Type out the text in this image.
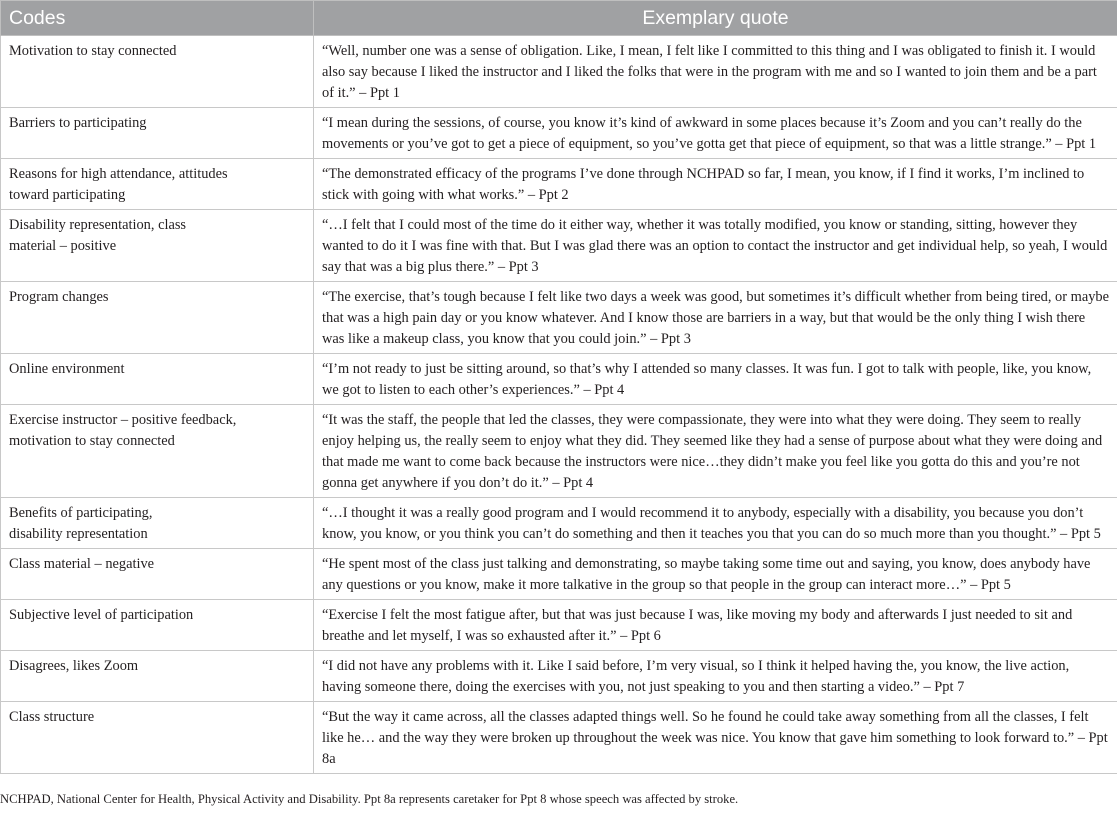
Codes	Exemplary quote
Motivation to stay connected	“Well, number one was a sense of obligation. Like, I mean, I felt like I committed to this thing and I was obligated to finish it. I would also say because I liked the instructor and I liked the folks that were in the program with me and so I wanted to join them and be a part of it.” – Ppt 1
Barriers to participating	“I mean during the sessions, of course, you know it’s kind of awkward in some places because it’s Zoom and you can’t really do the movements or you’ve got to get a piece of equipment, so you’ve gotta get that piece of equipment, so that was a little strange.” – Ppt 1
Reasons for high attendance, attitudes
toward participating	“The demonstrated efficacy of the programs I’ve done through NCHPAD so far, I mean, you know, if I find it works, I’m inclined to stick with going with what works.” – Ppt 2
Disability representation, class
material – positive	“…I felt that I could most of the time do it either way, whether it was totally modified, you know or standing, sitting, however they wanted to do it I was fine with that. But I was glad there was an option to contact the instructor and get individual help, so yeah, I would say that was a big plus there.” – Ppt 3
Program changes	“The exercise, that’s tough because I felt like two days a week was good, but sometimes it’s difficult whether from being tired, or maybe that was a high pain day or you know whatever. And I know those are barriers in a way, but that would be the only thing I wish there was like a makeup class, you know that you could join.” – Ppt 3
Online environment	“I’m not ready to just be sitting around, so that’s why I attended so many classes. It was fun. I got to talk with people, like, you know, we got to listen to each other’s experiences.” – Ppt 4
Exercise instructor – positive feedback,
motivation to stay connected	“It was the staff, the people that led the classes, they were compassionate, they were into what they were doing. They seem to really enjoy helping us, the really seem to enjoy what they did. They seemed like they had a sense of purpose about what they were doing and that made me want to come back because the instructors were nice…they didn’t make you feel like you gotta do this and you’re not gonna get anywhere if you don’t do it.” – Ppt 4
Benefits of participating,
disability representation	“…I thought it was a really good program and I would recommend it to anybody, especially with a disability, you because you don’t know, you know, or you think you can’t do something and then it teaches you that you can do so much more than you thought.” – Ppt 5
Class material – negative	“He spent most of the class just talking and demonstrating, so maybe taking some time out and saying, you know, does anybody have any questions or you know, make it more talkative in the group so that people in the group can interact more…” – Ppt 5
Subjective level of participation	“Exercise I felt the most fatigue after, but that was just because I was, like moving my body and afterwards I just needed to sit and breathe and let myself, I was so exhausted after it.” – Ppt 6
Disagrees, likes Zoom	“I did not have any problems with it. Like I said before, I’m very visual, so I think it helped having the, you know, the live action, having someone there, doing the exercises with you, not just speaking to you and then starting a video.” – Ppt 7
Class structure	“But the way it came across, all the classes adapted things well. So he found he could take away something from all the classes, I felt like he… and the way they were broken up throughout the week was nice. You know that gave him something to look forward to.” – Ppt 8a
NCHPAD, National Center for Health, Physical Activity and Disability. Ppt 8a represents caretaker for Ppt 8 whose speech was affected by stroke.
